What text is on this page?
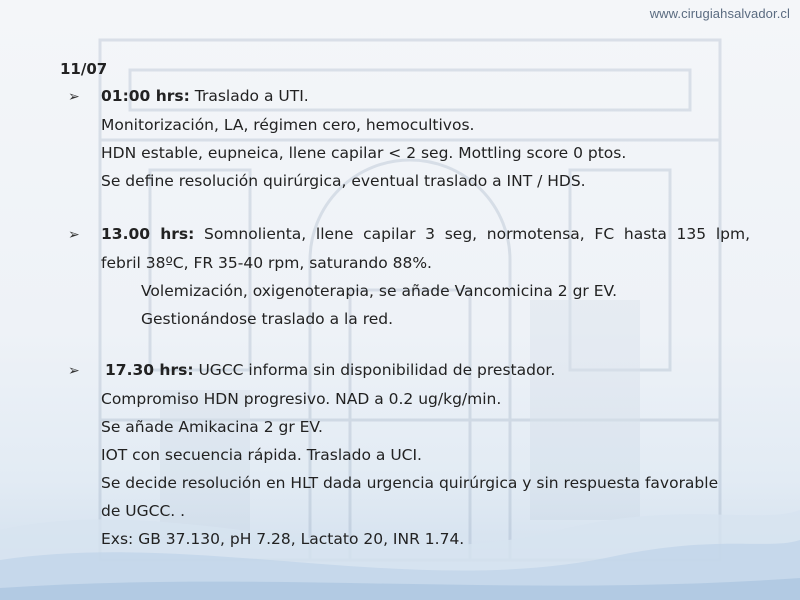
www.cirugiahsalvador.cl
11/07
➢	01:00 hrs: Traslado a UTI.
Monitorización, LA, régimen cero, hemocultivos.
HDN estable, eupneica, llene capilar < 2 seg. Mottling score 0 ptos.
Se define resolución quirúrgica, eventual traslado a INT / HDS.
➢	13.00 hrs: Somnolienta, llene capilar 3 seg, normotensa, FC hasta 135 lpm,
febril 38ºC, FR 35-40 rpm, saturando 88%.
Volemización, oxigenoterapia, se añade Vancomicina 2 gr EV.
Gestionándose traslado a la red.
➢	17.30 hrs: UGCC informa sin disponibilidad de prestador.
Compromiso HDN progresivo. NAD a 0.2 ug/kg/min.
Se añade Amikacina 2 gr EV.
IOT con secuencia rápida. Traslado a UCI.
Se decide resolución en HLT dada urgencia quirúrgica y sin respuesta favorable
de UGCC. .
Exs: GB 37.130, pH 7.28, Lactato 20, INR 1.74.
